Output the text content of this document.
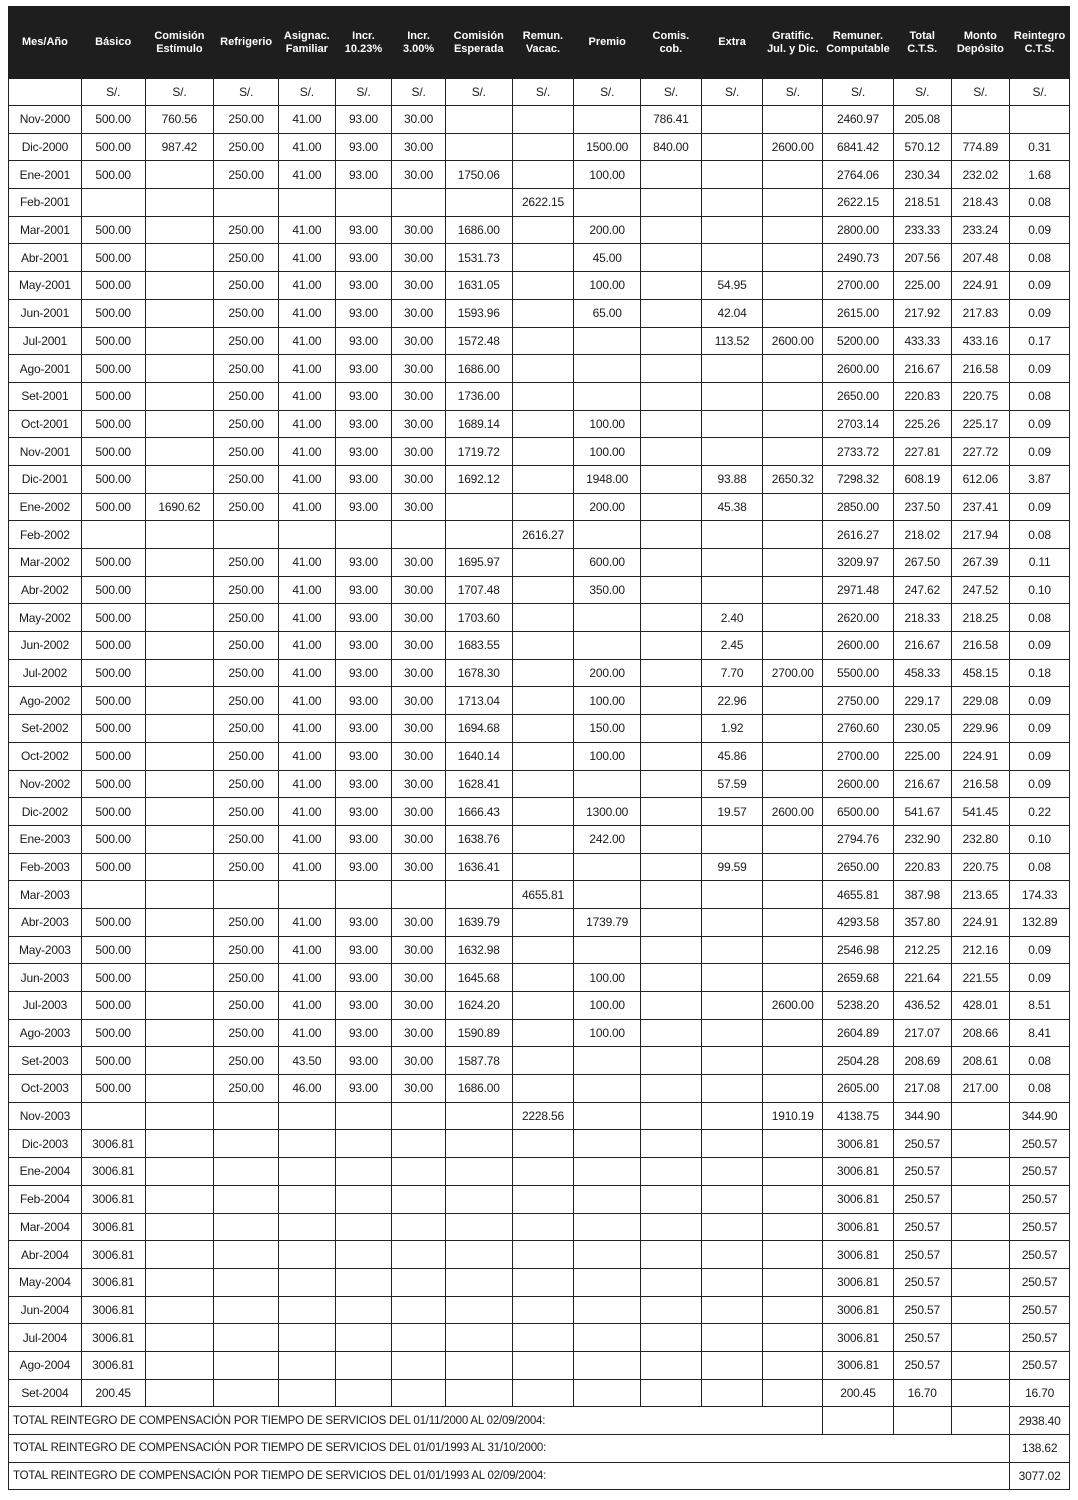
Mes/Año	Básico	Comisión Estímulo	Refrigerio	Asignac. Familiar	Incr. 10.23%	Incr. 3.00%	Comisión Esperada	Remun. Vacac.	Premio	Comis. cob.	Extra	Gratific. Jul. y Dic.	Remuner. Computable	Total C.T.S.	Monto Depósito	Reintegro C.T.S.
	S/.	S/.	S/.	S/.	S/.	S/.	S/.	S/.	S/.	S/.	S/.	S/.	S/.	S/.	S/.	S/.
Nov-2000	500.00	760.56	250.00	41.00	93.00	30.00				786.41			2460.97	205.08		
Dic-2000	500.00	987.42	250.00	41.00	93.00	30.00			1500.00	840.00		2600.00	6841.42	570.12	774.89	0.31
Ene-2001	500.00		250.00	41.00	93.00	30.00	1750.06		100.00				2764.06	230.34	232.02	1.68
Feb-2001								2622.15					2622.15	218.51	218.43	0.08
Mar-2001	500.00		250.00	41.00	93.00	30.00	1686.00		200.00				2800.00	233.33	233.24	0.09
Abr-2001	500.00		250.00	41.00	93.00	30.00	1531.73		45.00				2490.73	207.56	207.48	0.08
May-2001	500.00		250.00	41.00	93.00	30.00	1631.05		100.00		54.95		2700.00	225.00	224.91	0.09
Jun-2001	500.00		250.00	41.00	93.00	30.00	1593.96		65.00		42.04		2615.00	217.92	217.83	0.09
Jul-2001	500.00		250.00	41.00	93.00	30.00	1572.48				113.52	2600.00	5200.00	433.33	433.16	0.17
Ago-2001	500.00		250.00	41.00	93.00	30.00	1686.00						2600.00	216.67	216.58	0.09
Set-2001	500.00		250.00	41.00	93.00	30.00	1736.00						2650.00	220.83	220.75	0.08
Oct-2001	500.00		250.00	41.00	93.00	30.00	1689.14		100.00				2703.14	225.26	225.17	0.09
Nov-2001	500.00		250.00	41.00	93.00	30.00	1719.72		100.00				2733.72	227.81	227.72	0.09
Dic-2001	500.00		250.00	41.00	93.00	30.00	1692.12		1948.00		93.88	2650.32	7298.32	608.19	612.06	3.87
Ene-2002	500.00	1690.62	250.00	41.00	93.00	30.00			200.00		45.38		2850.00	237.50	237.41	0.09
Feb-2002								2616.27					2616.27	218.02	217.94	0.08
Mar-2002	500.00		250.00	41.00	93.00	30.00	1695.97		600.00				3209.97	267.50	267.39	0.11
Abr-2002	500.00		250.00	41.00	93.00	30.00	1707.48		350.00				2971.48	247.62	247.52	0.10
May-2002	500.00		250.00	41.00	93.00	30.00	1703.60				2.40		2620.00	218.33	218.25	0.08
Jun-2002	500.00		250.00	41.00	93.00	30.00	1683.55				2.45		2600.00	216.67	216.58	0.09
Jul-2002	500.00		250.00	41.00	93.00	30.00	1678.30		200.00		7.70	2700.00	5500.00	458.33	458.15	0.18
Ago-2002	500.00		250.00	41.00	93.00	30.00	1713.04		100.00		22.96		2750.00	229.17	229.08	0.09
Set-2002	500.00		250.00	41.00	93.00	30.00	1694.68		150.00		1.92		2760.60	230.05	229.96	0.09
Oct-2002	500.00		250.00	41.00	93.00	30.00	1640.14		100.00		45.86		2700.00	225.00	224.91	0.09
Nov-2002	500.00		250.00	41.00	93.00	30.00	1628.41				57.59		2600.00	216.67	216.58	0.09
Dic-2002	500.00		250.00	41.00	93.00	30.00	1666.43		1300.00		19.57	2600.00	6500.00	541.67	541.45	0.22
Ene-2003	500.00		250.00	41.00	93.00	30.00	1638.76		242.00				2794.76	232.90	232.80	0.10
Feb-2003	500.00		250.00	41.00	93.00	30.00	1636.41				99.59		2650.00	220.83	220.75	0.08
Mar-2003								4655.81					4655.81	387.98	213.65	174.33
Abr-2003	500.00		250.00	41.00	93.00	30.00	1639.79		1739.79				4293.58	357.80	224.91	132.89
May-2003	500.00		250.00	41.00	93.00	30.00	1632.98						2546.98	212.25	212.16	0.09
Jun-2003	500.00		250.00	41.00	93.00	30.00	1645.68		100.00				2659.68	221.64	221.55	0.09
Jul-2003	500.00		250.00	41.00	93.00	30.00	1624.20		100.00			2600.00	5238.20	436.52	428.01	8.51
Ago-2003	500.00		250.00	41.00	93.00	30.00	1590.89		100.00				2604.89	217.07	208.66	8.41
Set-2003	500.00		250.00	43.50	93.00	30.00	1587.78						2504.28	208.69	208.61	0.08
Oct-2003	500.00		250.00	46.00	93.00	30.00	1686.00						2605.00	217.08	217.00	0.08
Nov-2003								2228.56				1910.19	4138.75	344.90		344.90
Dic-2003	3006.81												3006.81	250.57		250.57
Ene-2004	3006.81												3006.81	250.57		250.57
Feb-2004	3006.81												3006.81	250.57		250.57
Mar-2004	3006.81												3006.81	250.57		250.57
Abr-2004	3006.81												3006.81	250.57		250.57
May-2004	3006.81												3006.81	250.57		250.57
Jun-2004	3006.81												3006.81	250.57		250.57
Jul-2004	3006.81												3006.81	250.57		250.57
Ago-2004	3006.81												3006.81	250.57		250.57
Set-2004	200.45												200.45	16.70		16.70
TOTAL REINTEGRO DE COMPENSACIÓN POR TIEMPO DE SERVICIOS DEL 01/11/2000 AL 02/09/2004:																2938.40
TOTAL REINTEGRO DE COMPENSACIÓN POR TIEMPO DE SERVICIOS DEL 01/01/1993 AL 31/10/2000:																138.62
TOTAL REINTEGRO DE COMPENSACIÓN POR TIEMPO DE SERVICIOS DEL 01/01/1993 AL 02/09/2004:																3077.02
